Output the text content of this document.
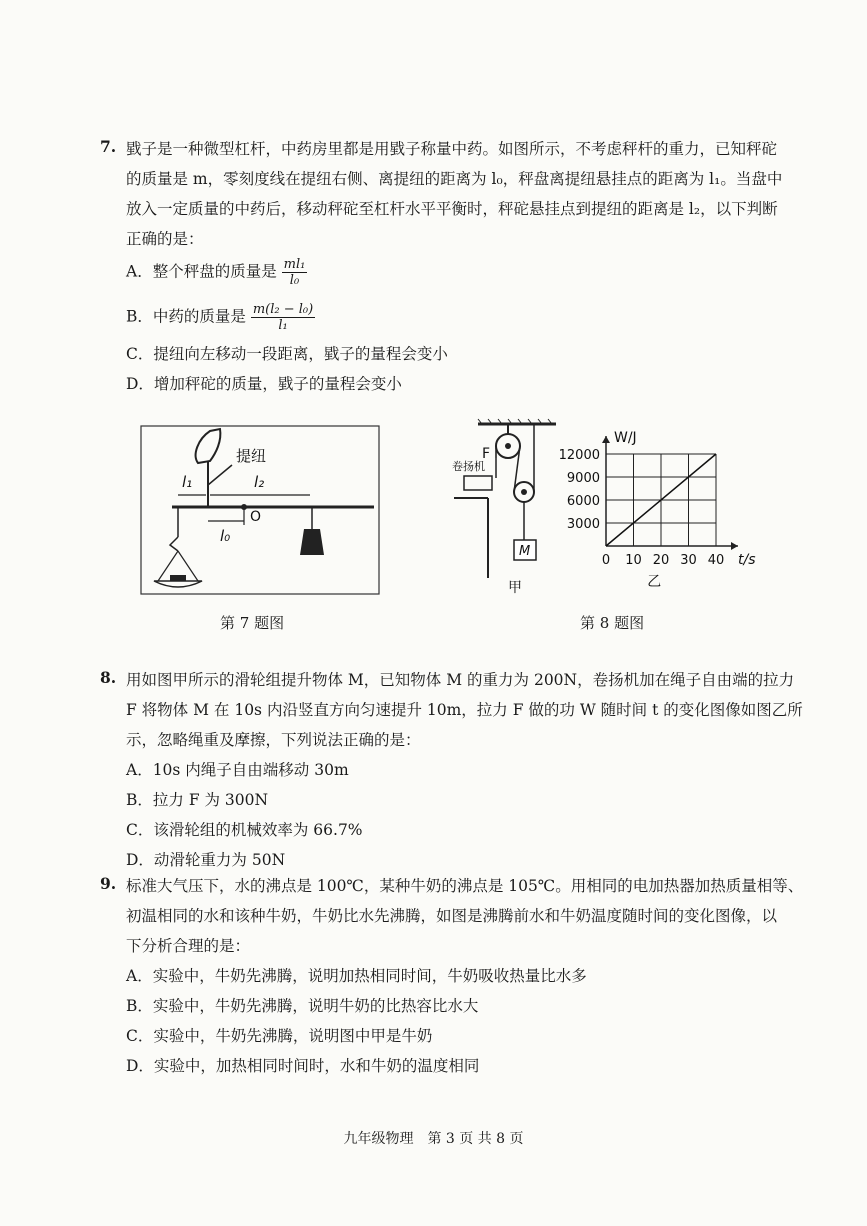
7. 戥子是一种微型杠杆，中药房里都是用戥子称量中药。如图所示，不考虑秤杆的重力，已知秤砣
的质量是 m，零刻度线在提纽右侧、离提纽的距离为 l₀，秤盘离提纽悬挂点的距离为 l₁。当盘中
放入一定质量的中药后，移动秤砣至杠杆水平平衡时，秤砣悬挂点到提纽的距离是 l₂，以下判断
正确的是：
A．整个秤盘的质量是 $\frac{\text{ml₁}}{\text{l₀}}$
B．中药的质量是 $\frac{\text{m(l₂ − l₀)}}{\text{l₁}}$
C．提纽向左移动一段距离，戥子的量程会变小
D．增加秤砣的质量，戥子的量程会变小
提纽
l₁	l₂
l₀
O
第 7 题图
M
F
卷扬机
甲
0 10 20 30 40
3000
6000
9000
12000
t/s
W/J
乙
第 8 题图
8. 用如图甲所示的滑轮组提升物体 M，已知物体 M 的重力为 200N，卷扬机加在绳子自由端的拉力
F 将物体 M 在 10s 内沿竖直方向匀速提升 10m，拉力 F 做的功 W 随时间 t 的变化图像如图乙所
示，忽略绳重及摩擦，下列说法正确的是：
A．10s 内绳子自由端移动 30m
B．拉力 F 为 300N
C．该滑轮组的机械效率为 66.7%
D．动滑轮重力为 50N
9. 标准大气压下，水的沸点是 100℃，某种牛奶的沸点是 105℃。用相同的电加热器加热质量相等、
初温相同的水和该种牛奶，牛奶比水先沸腾，如图是沸腾前水和牛奶温度随时间的变化图像，以
下分析合理的是：
A．实验中，牛奶先沸腾，说明加热相同时间，牛奶吸收热量比水多
B．实验中，牛奶先沸腾，说明牛奶的比热容比水大
C．实验中，牛奶先沸腾，说明图中甲是牛奶
D．实验中，加热相同时间时，水和牛奶的温度相同
九年级物理　第 3 页 共 8 页
